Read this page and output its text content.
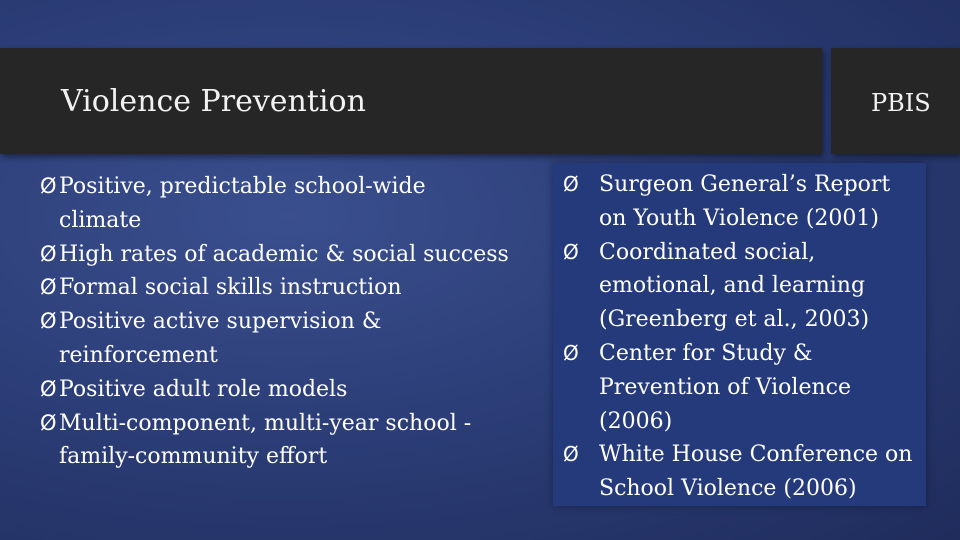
Violence Prevention	PBIS
Ø Positive, predictable school-wide climate
Ø High rates of academic & social success
Ø Formal social skills instruction
Ø Positive active supervision & reinforcement
Ø Positive adult role models
Ø Multi-component, multi-year school -family-community effort
Ø Surgeon General’s Report on Youth Violence (2001)
Ø Coordinated social, emotional, and learning (Greenberg et al., 2003)
Ø Center for Study & Prevention of Violence (2006)
Ø White House Conference on School Violence (2006)
